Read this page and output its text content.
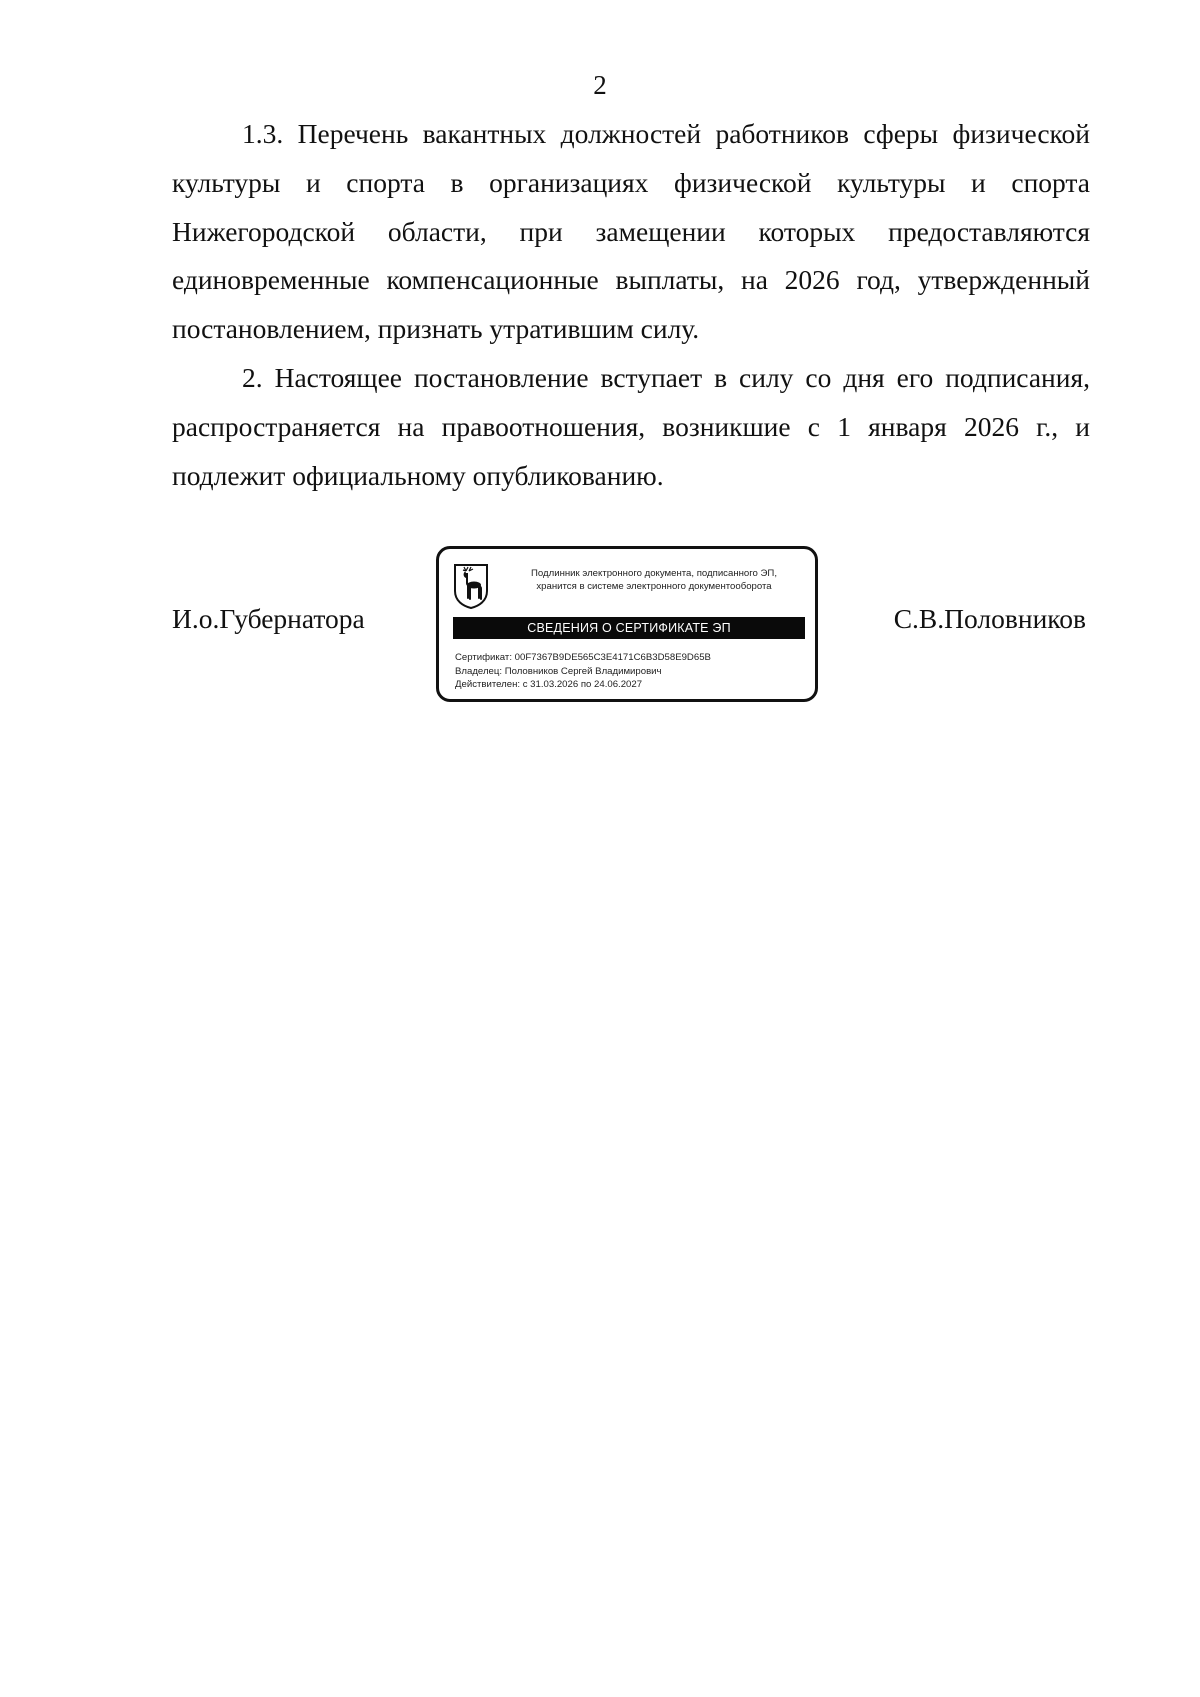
2

1.3. Перечень вакантных должностей работников сферы физической культуры и спорта в организациях физической культуры и спорта Нижегородской области, при замещении которых предоставляются единовременные компенсационные выплаты, на 2026 год, утвержденный постановлением, признать утратившим силу.

2. Настоящее постановление вступает в силу со дня его подписания, распространяется на правоотношения, возникшие с 1 января 2026 г., и подлежит официальному опубликованию.

И.о.Губернатора
Подлинник электронного документа, подписанного ЭП,
хранится в системе электронного документооборота
СВЕДЕНИЯ О СЕРТИФИКАТЕ ЭП
Сертификат: 00F7367B9DE565C3E4171C6B3D58E9D65B
Владелец: Половников Сергей Владимирович
Действителен: с 31.03.2026 по 24.06.2027
С.В.Половников
